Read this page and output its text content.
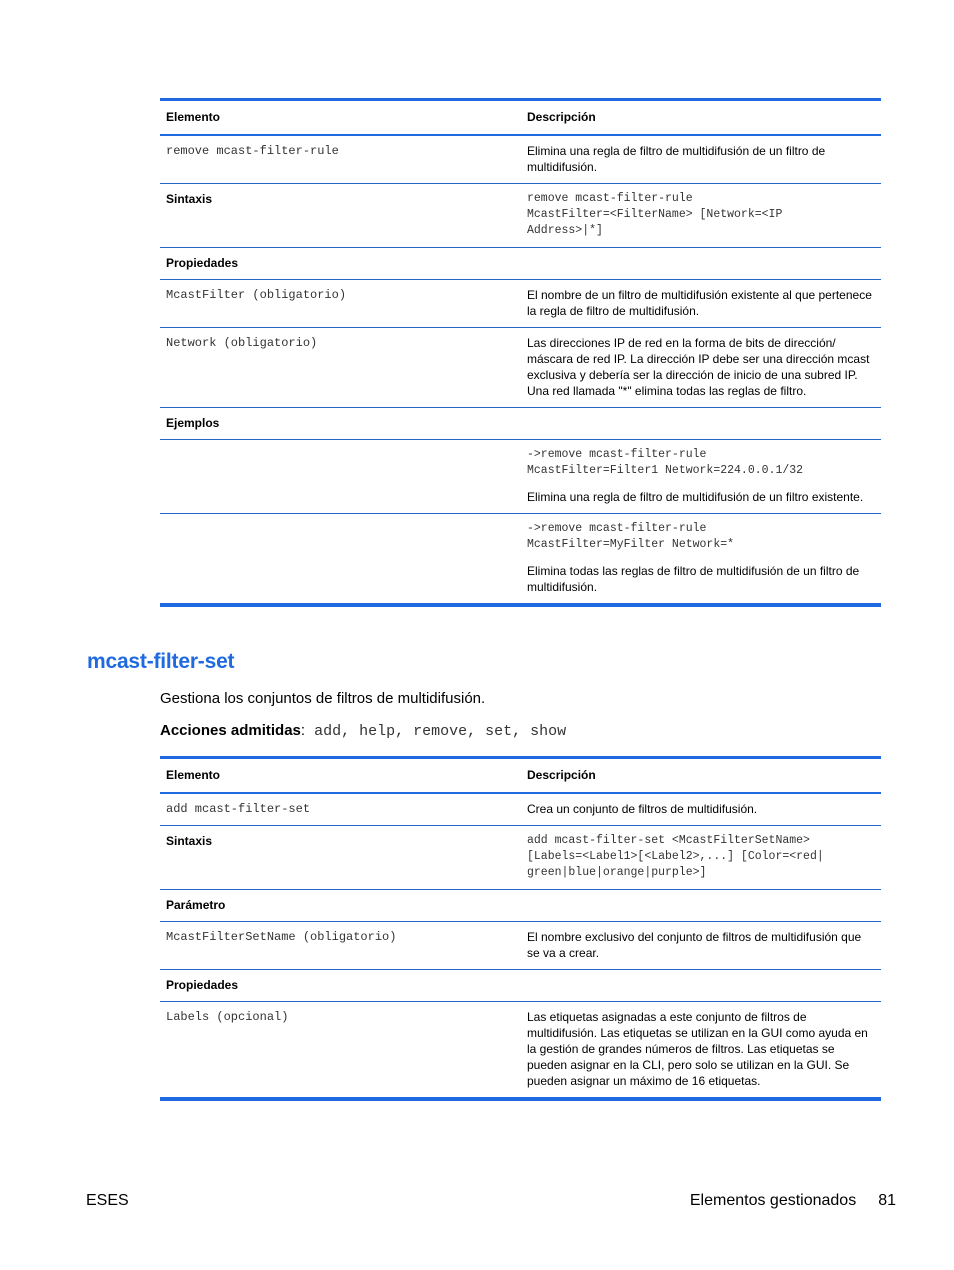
Elemento	Descripción
remove mcast-filter-rule	Elimina una regla de filtro de multidifusión de un filtro de multidifusión.
Sintaxis	remove mcast-filter-rule
McastFilter=<FilterName> [Network=<IP
Address>|*]

Propiedades	
McastFilter (obligatorio)	El nombre de un filtro de multidifusión existente al que pertenece la regla de filtro de multidifusión.
Network (obligatorio)	Las direcciones IP de red en la forma de bits de dirección/ máscara de red IP. La dirección IP debe ser una dirección mcast exclusiva y debería ser la dirección de inicio de una subred IP. Una red llamada "*" elimina todas las reglas de filtro.
Ejemplos	

	->remove mcast-filter-rule
McastFilter=Filter1 Network=224.0.0.1/32
Elimina una regla de filtro de multidifusión de un filtro existente.

	->remove mcast-filter-rule
McastFilter=MyFilter Network=*
Elimina todas las reglas de filtro de multidifusión de un filtro de multidifusión.
mcast-filter-set

Gestiona los conjuntos de filtros de multidifusión.

Acciones admitidas: add, help, remove, set, show

Elemento	Descripción
add mcast-filter-set	Crea un conjunto de filtros de multidifusión.
Sintaxis	add mcast-filter-set <McastFilterSetName>
[Labels=<Label1>[<Label2>,...] [Color=<red|
green|blue|orange|purple>]

Parámetro	
McastFilterSetName (obligatorio)	El nombre exclusivo del conjunto de filtros de multidifusión que se va a crear.
Propiedades	
Labels (opcional)	Las etiquetas asignadas a este conjunto de filtros de multidifusión. Las etiquetas se utilizan en la GUI como ayuda en la gestión de grandes números de filtros. Las etiquetas se pueden asignar en la CLI, pero solo se utilizan en la GUI. Se pueden asignar un máximo de 16 etiquetas.
ESES	Elementos gestionados 81
